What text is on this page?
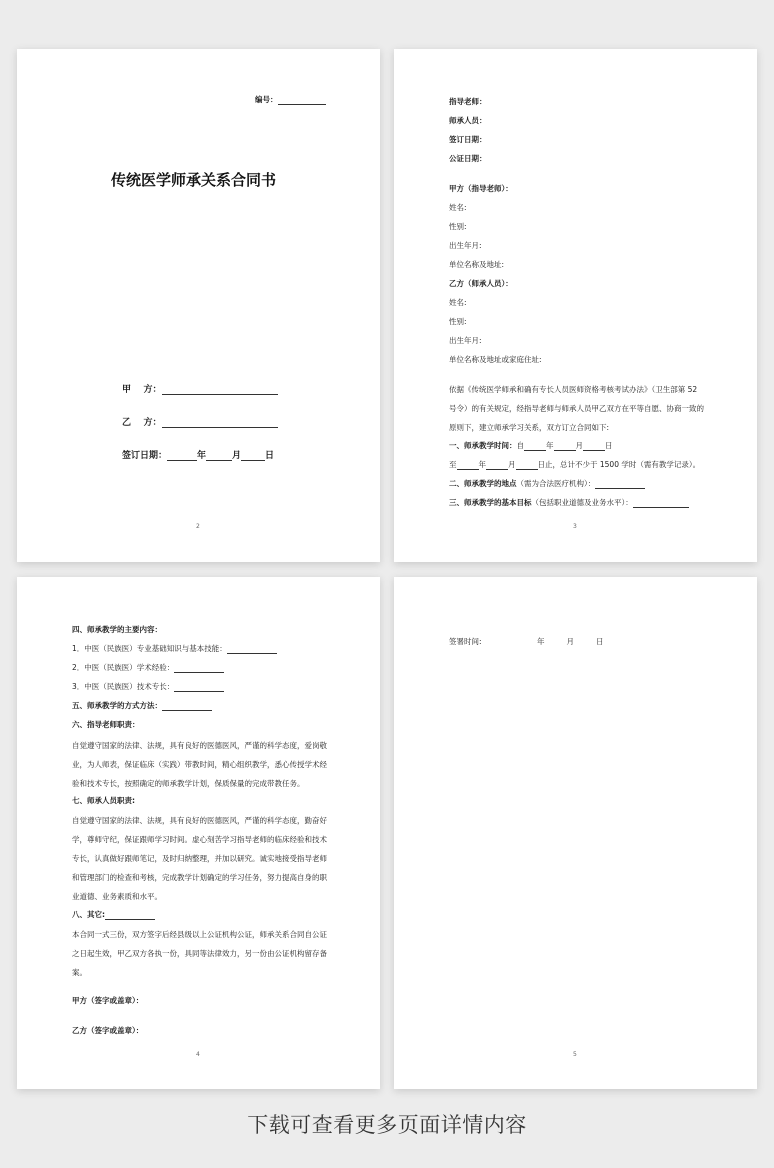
编号：
传统医学师承关系合同书
甲    方：
乙    方：
签订日期：	年	月	日
2
指导老师：
师承人员：
签订日期：
公证日期：
甲方（指导老师）：
姓名:
性别:
出生年月:
单位名称及地址:
乙方（师承人员）：
姓名:
性别:
出生年月:
单位名称及地址或家庭住址:
依据《传统医学师承和确有专长人员医师资格考核考试办法》（卫生部第 52 号令）的有关规定，经指导老师与师承人员甲乙双方在平等自愿、协商一致的原则下，建立师承学习关系，双方订立合同如下:
一、师承教学时间：自	年	月	日
至	年	月	日止，总计不少于 1500 学时（需有教学记录）。
二、师承教学的地点（需为合法医疗机构）：
三、师承教学的基本目标（包括职业道德及业务水平）：
3
四、师承教学的主要内容：
1．中医（民族医）专业基础知识与基本技能：
2．中医（民族医）学术经验：
3．中医（民族医）技术专长：
五、师承教学的方式方法：
六、指导老师职责：
自觉遵守国家的法律、法规，具有良好的医德医风，严谨的科学态度，爱岗敬业，为人师表，保证临床（实践）带教时间，精心组织教学，悉心传授学术经验和技术专长，按照确定的师承教学计划，保质保量的完成带教任务。
七、师承人员职责:
自觉遵守国家的法律、法规，具有良好的医德医风，严谨的科学态度，勤奋好学，尊师守纪，保证跟师学习时间。虚心刻苦学习指导老师的临床经验和技术专长，认真做好跟师笔记，及时归纳整理，并加以研究。诚实地接受指导老师和管理部门的检查和考核，完成教学计划确定的学习任务，努力提高自身的职业道德、业务素质和水平。
八、其它:
本合同一式三份，双方签字后经县级以上公证机构公证，师承关系合同自公证之日起生效，甲乙双方各执一份，具同等法律效力，另一份由公证机构留存备案。
甲方（签字或盖章）：
乙方（签字或盖章）：
4
签署时间:	年	月	日
5
下载可查看更多页面详情内容
